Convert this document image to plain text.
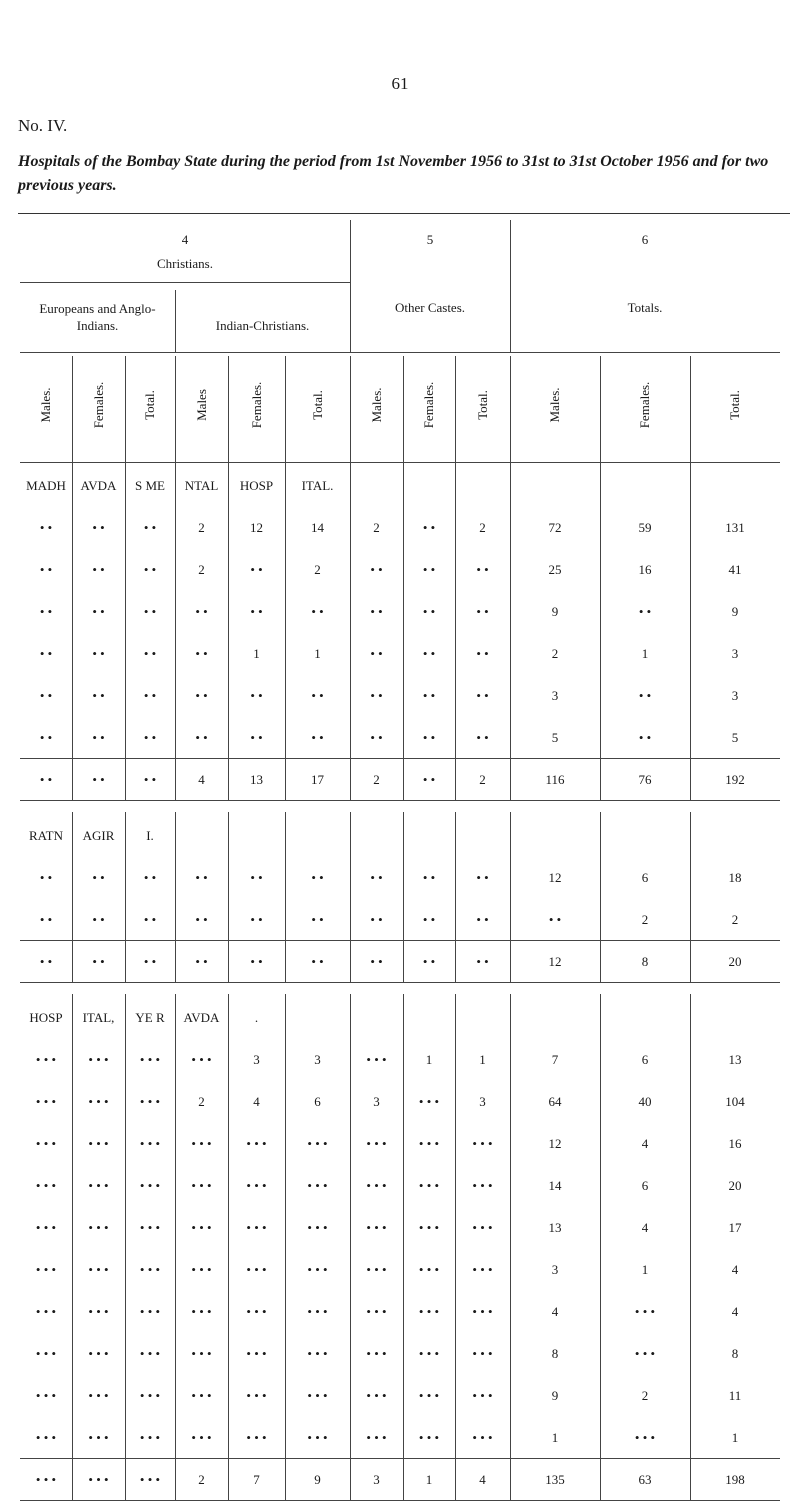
61
No. IV.
Hospitals of the Bombay State during the period from 1st November 1956 to 31st to 31st October 1956 and for two previous years.
4
Christians.
5	6
Europeans and Anglo-Indians.	Indian-Christians.
Other Castes.	Totals.
Males.	Females.	Total.	Males	Females.	Total.	Males.	Females.	Total.	Males.	Females.	Total.
MADH	AVDA	S ME	NTAL	HOSP	ITAL.
• •	• •	• •	2	12	14	2	• •	2	72	59	131
• •	• •	• •	2	• •	2	• •	• •	• •	25	16	41
• •	• •	• •	• •	• •	• •	• •	• •	• •	9	• •	9
• •	• •	• •	• •	1	1	• •	• •	• •	2	1	3
• •	• •	• •	• •	• •	• •	• •	• •	• •	3	• •	3
• •	• •	• •	• •	• •	• •	• •	• •	• •	5	• •	5
• •	• •	• •	4	13	17	2	• •	2	116	76	192
RATN	AGIR	I.
• •	• •	• •	• •	• •	• •	• •	• •	• •	12	6	18
• •	• •	• •	• •	• •	• •	• •	• •	• •	• •	2	2
• •	• •	• •	• •	• •	• •	• •	• •	• •	12	8	20
HOSP	ITAL,	YE R	AVDA	.
• • •	• • •	• • •	• • •	3	3	• • •	1	1	7	6	13
• • •	• • •	• • •	2	4	6	3	• • •	3	64	40	104
• • •	• • •	• • •	• • •	• • •	• • •	• • •	• • •	• • •	12	4	16
• • •	• • •	• • •	• • •	• • •	• • •	• • •	• • •	• • •	14	6	20
• • •	• • •	• • •	• • •	• • •	• • •	• • •	• • •	• • •	13	4	17
• • •	• • •	• • •	• • •	• • •	• • •	• • •	• • •	• • •	3	1	4
• • •	• • •	• • •	• • •	• • •	• • •	• • •	• • •	• • •	4	• • •	4
• • •	• • •	• • •	• • •	• • •	• • •	• • •	• • •	• • •	8	• • •	8
• • •	• • •	• • •	• • •	• • •	• • •	• • •	• • •	• • •	9	2	11
• • •	• • •	• • •	• • •	• • •	• • •	• • •	• • •	• • •	1	• • •	1
• • •	• • •	• • •	2	7	9	3	1	4	135	63	198
